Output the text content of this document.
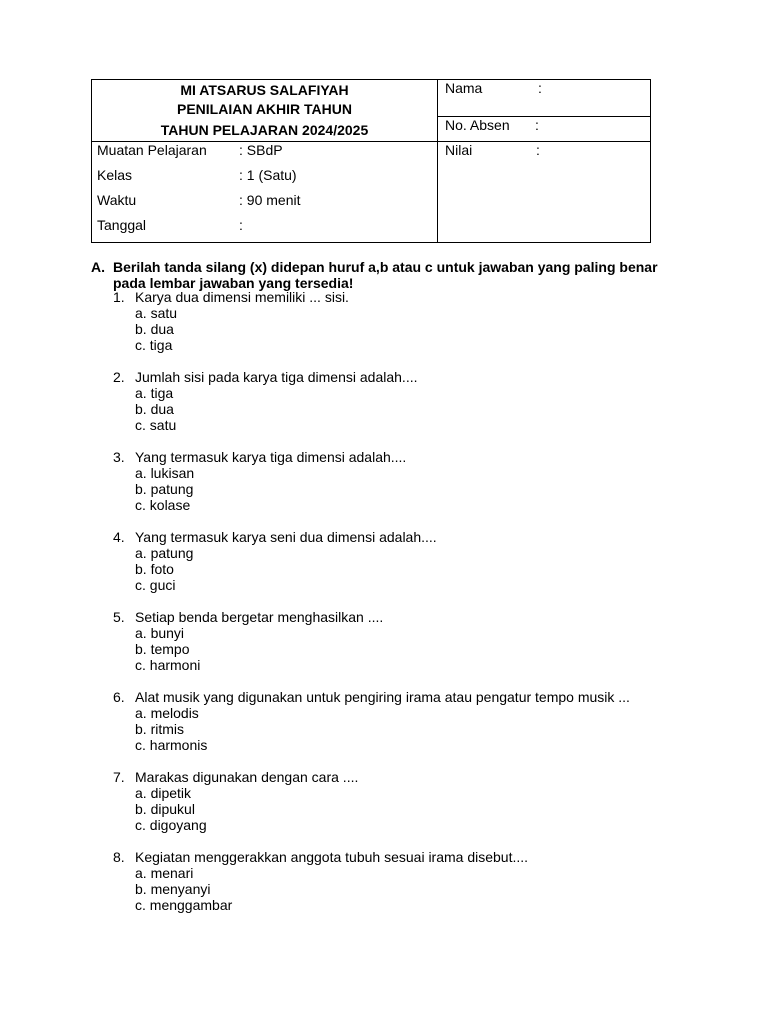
MI ATSARUS SALAFIYAH
PENILAIAN AKHIR TAHUN
TAHUN PELAJARAN 2024/2025
Nama	:
No. Absen :
Muatan Pelajaran : SBdP
Kelas	: 1 (Satu)
Waktu	: 90 menit
Tanggal	:
Nilai	:
A. Berilah tanda silang (x) didepan huruf a,b atau c untuk jawaban yang paling benar pada lembar jawaban yang tersedia!
1. Karya dua dimensi memiliki ... sisi.
a. satu
b. dua
c. tiga
2. Jumlah sisi pada karya tiga dimensi adalah....
a. tiga
b. dua
c. satu
3. Yang termasuk karya tiga dimensi adalah....
a. lukisan
b. patung
c. kolase
4. Yang termasuk karya seni dua dimensi adalah....
a. patung
b. foto
c. guci
5. Setiap benda bergetar menghasilkan ....
a. bunyi
b. tempo
c. harmoni
6. Alat musik yang digunakan untuk pengiring irama atau pengatur tempo musik ...
a. melodis
b. ritmis
c. harmonis
7. Marakas digunakan dengan cara ....
a. dipetik
b. dipukul
c. digoyang
8. Kegiatan menggerakkan anggota tubuh sesuai irama disebut....
a. menari
b. menyanyi
c. menggambar
